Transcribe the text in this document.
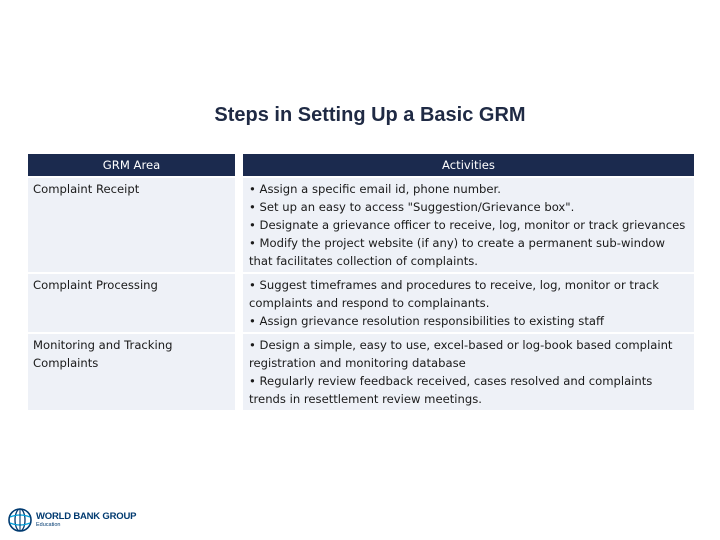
Steps in Setting Up a Basic GRM
GRM Area	Activities
Complaint Receipt	• Assign a specific email id, phone number.
• Set up an easy to access "Suggestion/Grievance box".
• Designate a grievance officer to receive, log, monitor or track grievances
• Modify the project website (if any) to create a permanent sub-window that facilitates collection of complaints.

Complaint Processing	• Suggest timeframes and procedures to receive, log, monitor or track complaints and respond to complainants.
• Assign grievance resolution responsibilities to existing staff

Monitoring and Tracking Complaints	• Design a simple, easy to use, excel-based or log-book based complaint registration and monitoring database
• Regularly review feedback received, cases resolved and complaints trends in resettlement review meetings.
WORLD BANK GROUP
Education
